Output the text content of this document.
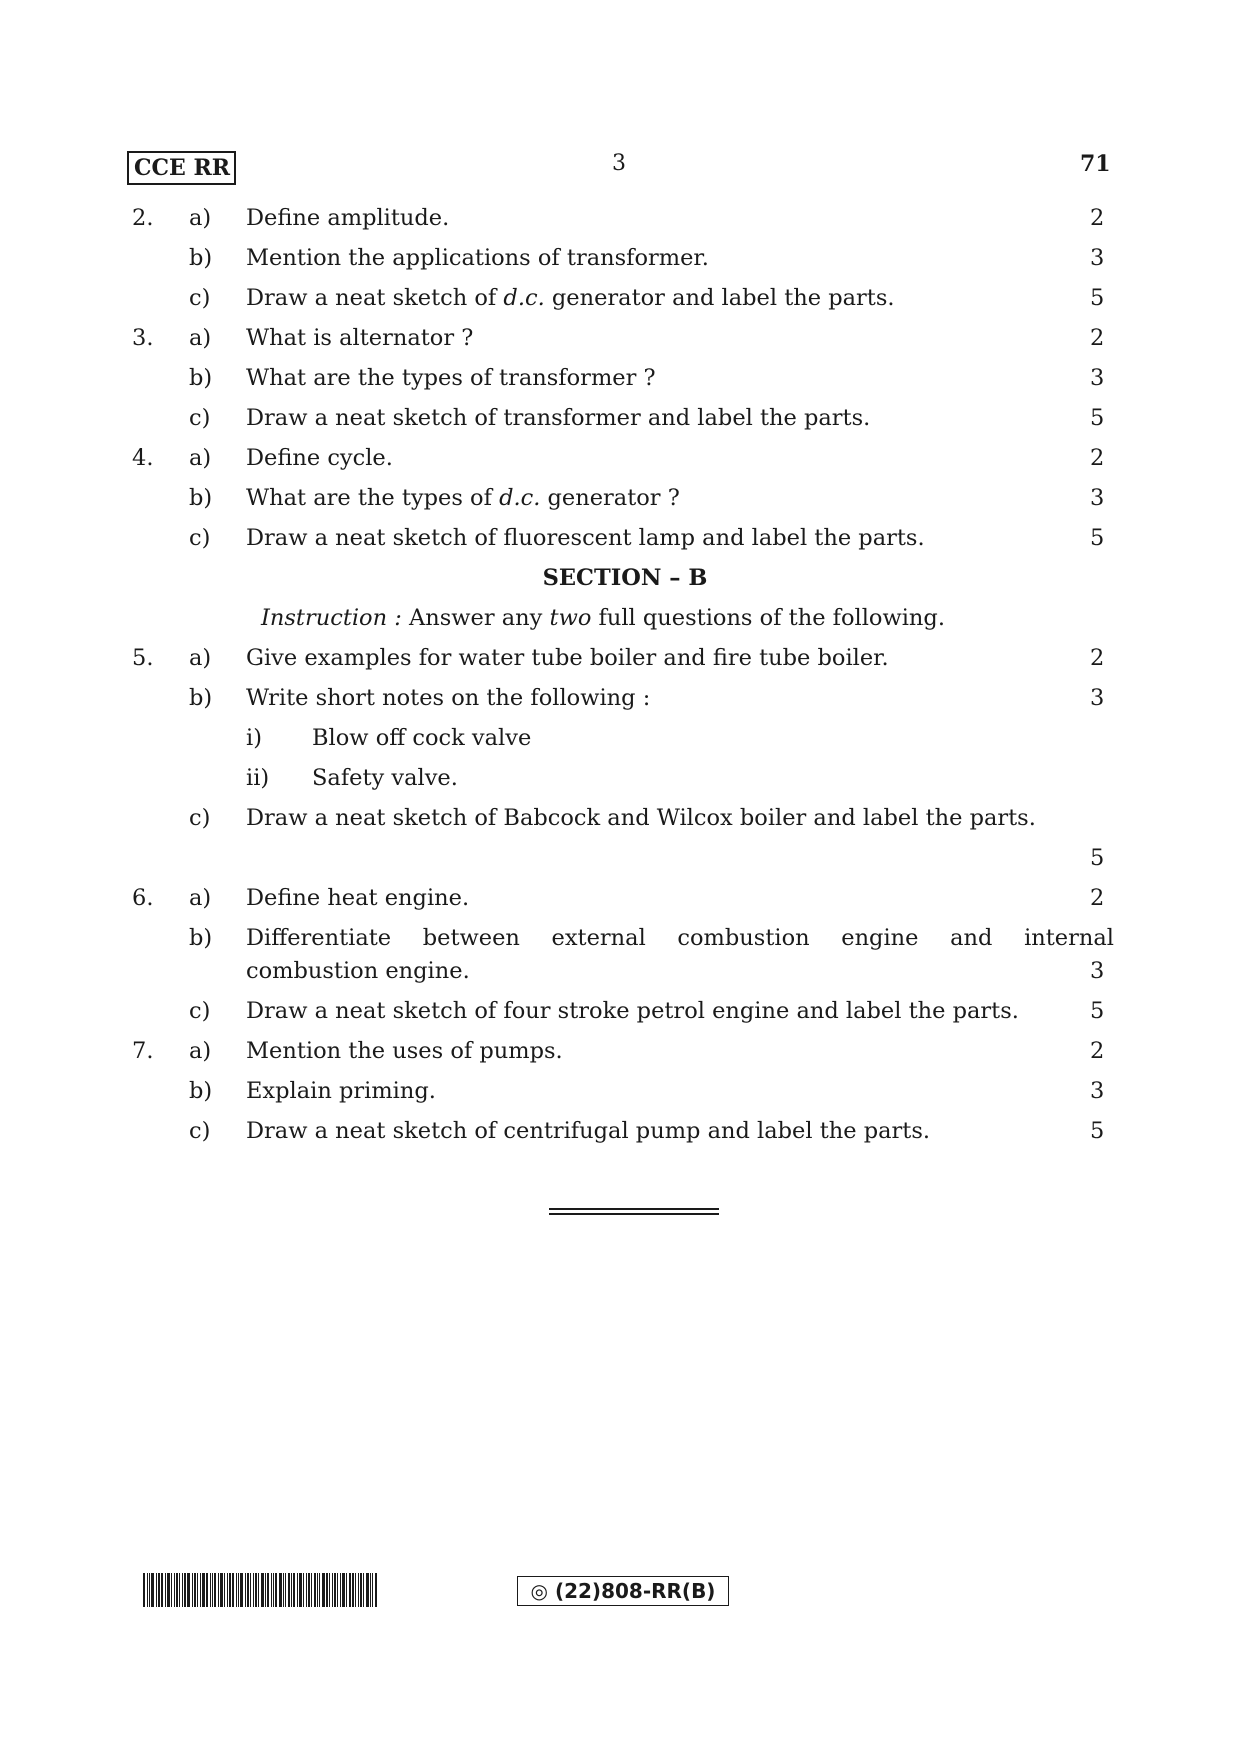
CCE RR	3	71
2. a) Define amplitude.	2
b) Mention the applications of transformer.	3
c) Draw a neat sketch of d.c. generator and label the parts.	5
3. a) What is alternator ?	2
b) What are the types of transformer ?	3
c) Draw a neat sketch of transformer and label the parts.	5
4. a) Define cycle.	2
b) What are the types of d.c. generator ?	3
c) Draw a neat sketch of fluorescent lamp and label the parts.	5
SECTION – B
Instruction : Answer any two full questions of the following.
5. a) Give examples for water tube boiler and fire tube boiler.	2
b) Write short notes on the following :	3
i) Blow off cock valve
ii) Safety valve.
c) Draw a neat sketch of Babcock and Wilcox boiler and label the parts.
5
6. a) Define heat engine.	2
b) Differentiate between external combustion engine and internal
combustion engine.	3
c) Draw a neat sketch of four stroke petrol engine and label the parts.	5
7. a) Mention the uses of pumps.	2
b) Explain priming.	3
c) Draw a neat sketch of centrifugal pump and label the parts.	5
◎ (22)808-RR(B)
